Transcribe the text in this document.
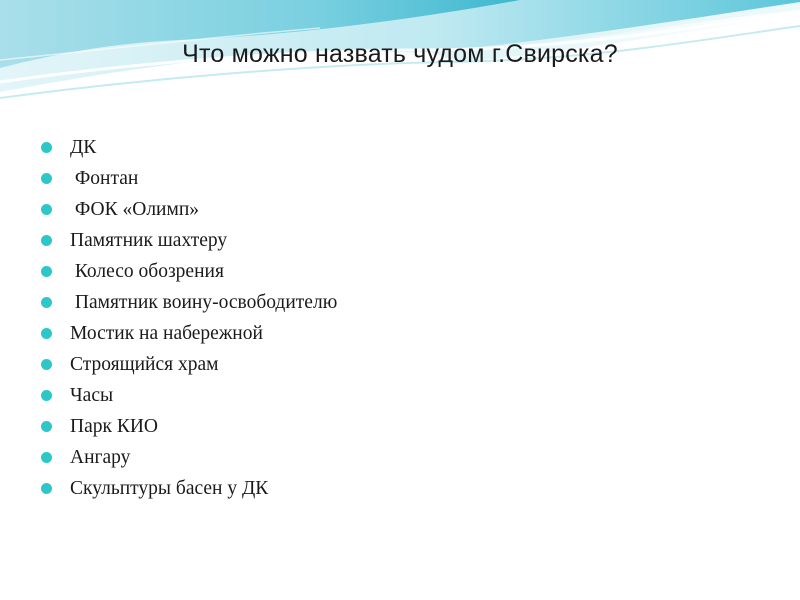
Что можно назвать чудом г.Свирска?
ДК
Фонтан
ФОК «Олимп»
Памятник шахтеру
Колесо обозрения
Памятник воину-освободителю
Мостик на набережной
Строящийся храм
Часы
Парк КИО
Ангару
Скульптуры басен у ДК
